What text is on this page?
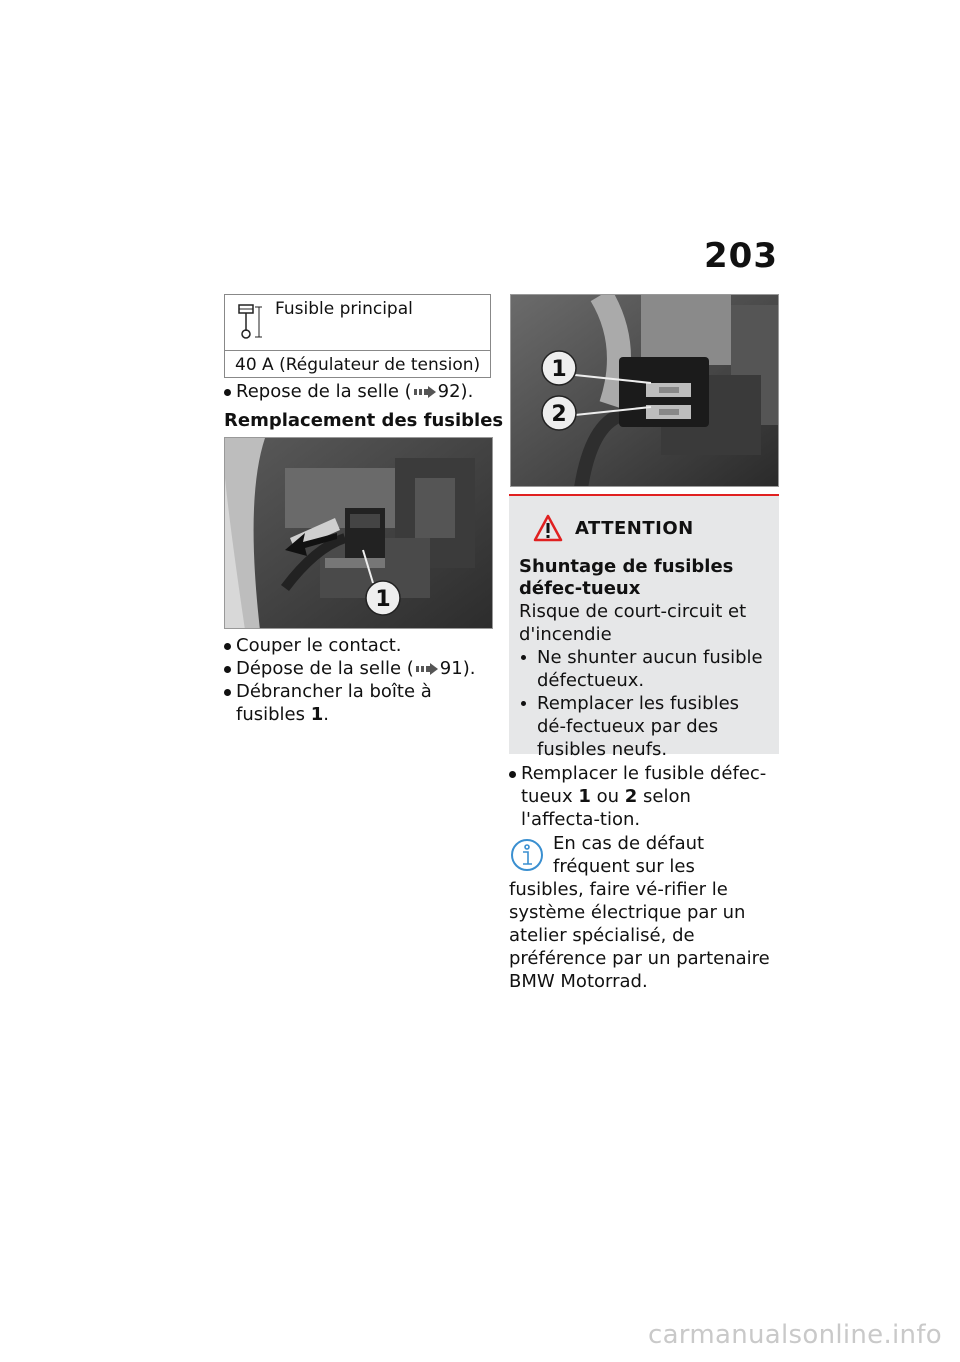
203
Fusible principal
40 A (Régulateur de tension)
Repose de la selle ( 92).
Remplacement des fusibles
1
Couper le contact.
Dépose de la selle ( 91).
Débrancher la boîte à fusibles 1.
1
2
ATTENTION
Shuntage de fusibles défec-tueux
Risque de court-circuit et d'incendie
Ne shunter aucun fusible défectueux.
Remplacer les fusibles dé-fectueux par des fusibles neufs.
Remplacer le fusible défec-tueux 1 ou 2 selon l'affecta-tion.
En cas de défaut fréquent sur les fusibles, faire vé-rifier le système électrique par un atelier spécialisé, de préférence par un partenaire BMW Motorrad.
carmanualsonline.info
